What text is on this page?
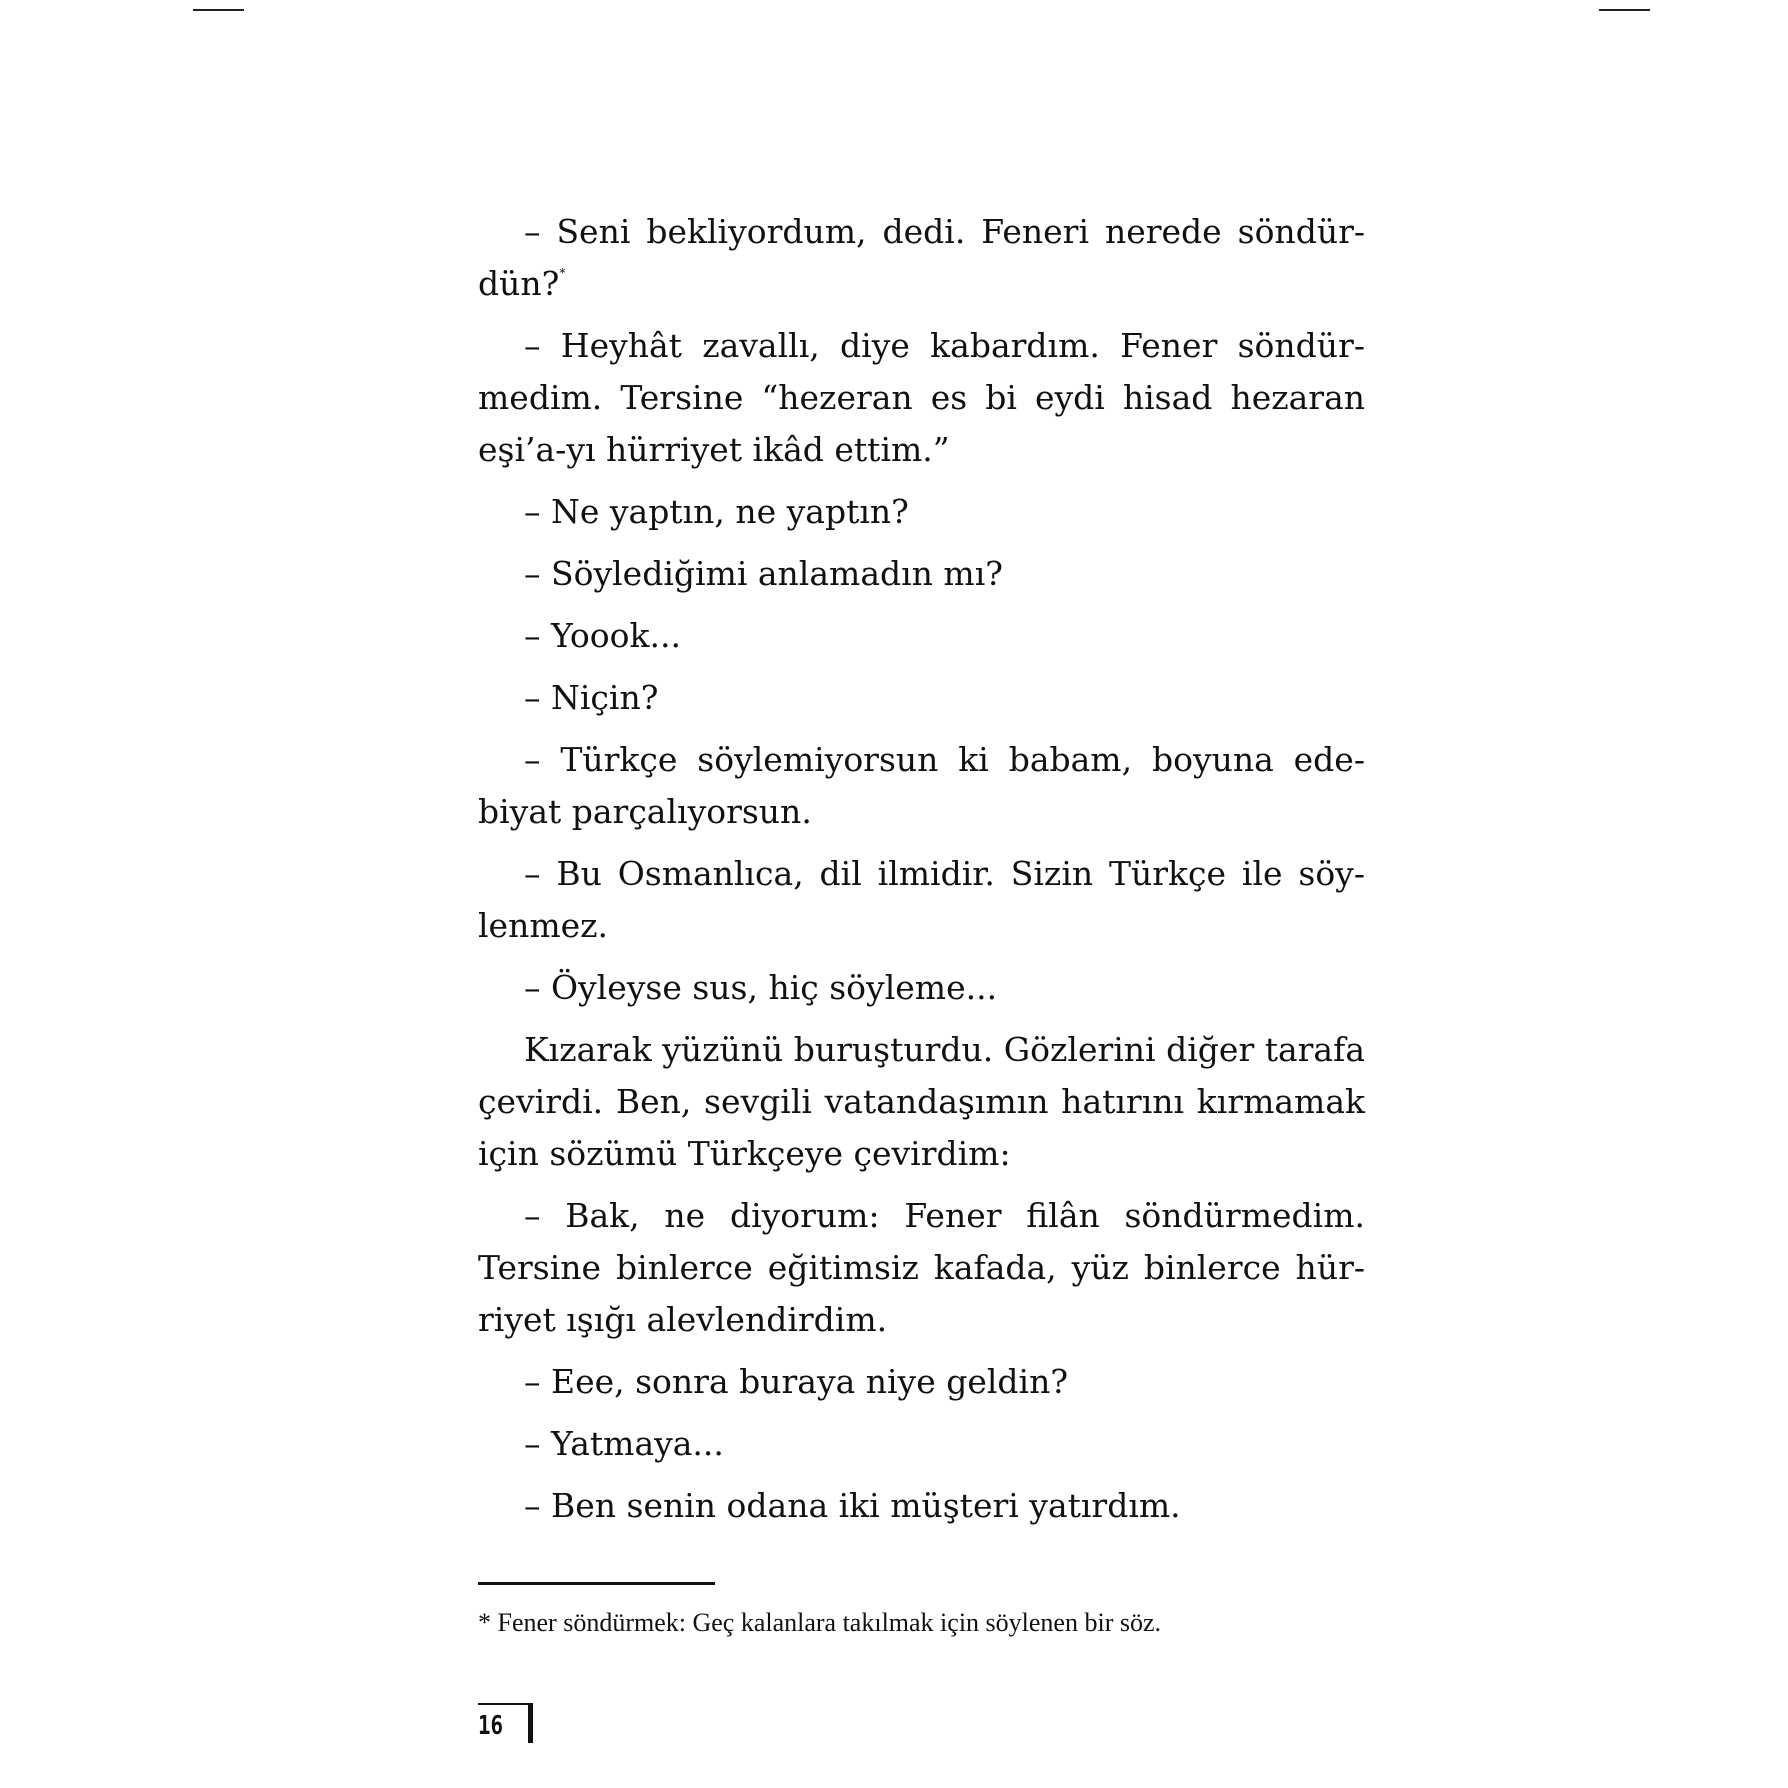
– Seni bekliyordum, dedi. Feneri nerede söndürdün?*

– Heyhât zavallı, diye kabardım. Fener söndürmedim. Tersine “hezeran es bi eydi hisad hezaran eşi’a-yı hürriyet ikâd ettim.”

– Ne yaptın, ne yaptın?

– Söylediğimi anlamadın mı?

– Yoook...

– Niçin?

– Türkçe söylemiyorsun ki babam, boyuna edebiyat parçalıyorsun.

– Bu Osmanlıca, dil ilmidir. Sizin Türkçe ile söylenmez.

– Öyleyse sus, hiç söyleme...

Kızarak yüzünü buruşturdu. Gözlerini diğer tarafa çevirdi. Ben, sevgili vatandaşımın hatırını kırmamak için sözümü Türkçeye çevirdim:

– Bak, ne diyorum: Fener filân söndürmedim. Tersine binlerce eğitimsiz kafada, yüz binlerce hürriyet ışığı alevlendirdim.

– Eee, sonra buraya niye geldin?

– Yatmaya...

– Ben senin odana iki müşteri yatırdım.

* Fener söndürmek: Geç kalanlara takılmak için söylenen bir söz.

16
